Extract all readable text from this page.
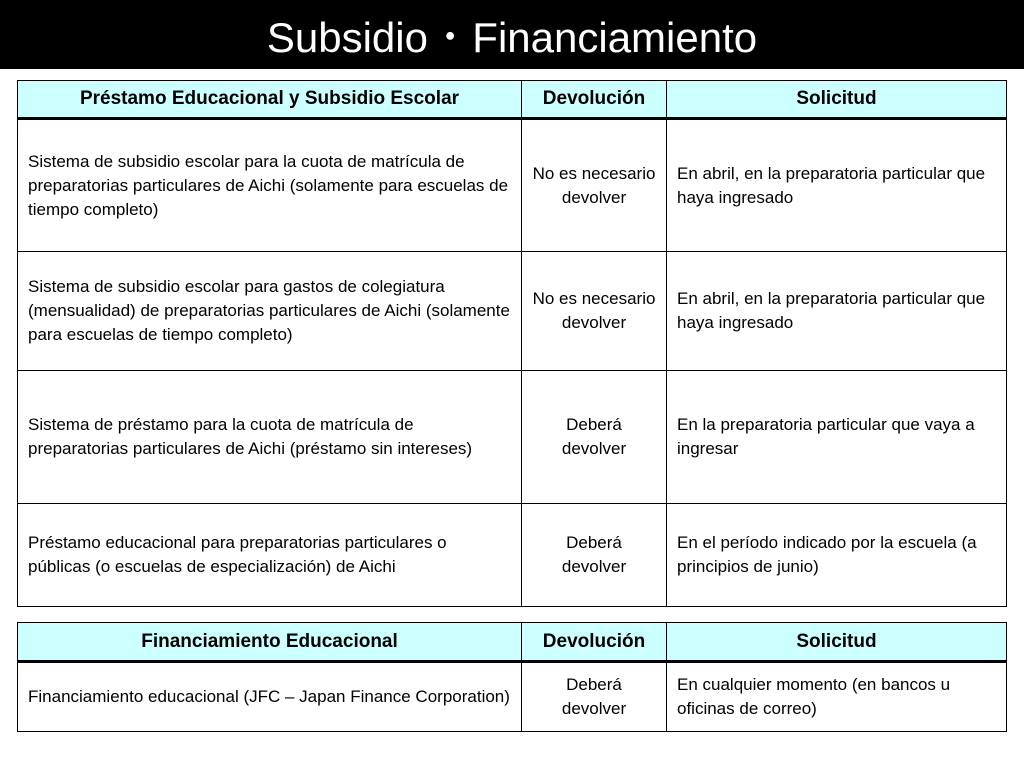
Subsidio ･ Financiamiento
Préstamo Educacional y Subsidio Escolar	Devolución	Solicitud
Sistema de subsidio escolar para la cuota de matrícula de preparatorias particulares de Aichi (solamente para escuelas de tiempo completo)	No es necesario devolver	En abril, en la preparatoria particular que haya ingresado
Sistema de subsidio escolar para gastos de colegiatura (mensualidad) de preparatorias particulares de Aichi (solamente para escuelas de tiempo completo)	No es necesario devolver	En abril, en la preparatoria particular que haya ingresado
Sistema de préstamo para la cuota de matrícula de preparatorias particulares de Aichi (préstamo sin intereses)	Deberá devolver	En la preparatoria particular que vaya a ingresar
Préstamo educacional para preparatorias particulares o públicas (o escuelas de especialización) de Aichi	Deberá devolver	En el período indicado por la escuela (a principios de junio)
Financiamiento Educacional	Devolución	Solicitud
Financiamiento educacional (JFC – Japan Finance Corporation)	Deberá devolver	En cualquier momento (en bancos u oficinas de correo)
